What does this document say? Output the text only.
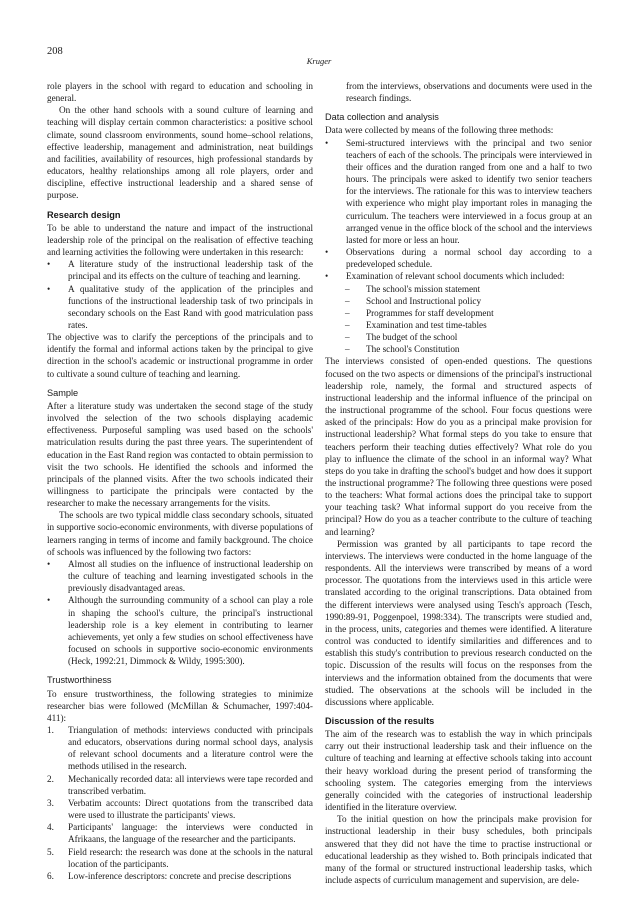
208
Kruger

role players in the school with regard to education and schooling in general.

On the other hand schools with a sound culture of learning and teaching will display certain common characteristics: a positive school climate, sound classroom environments, sound home–school relations, effective leadership, management and administration, neat buildings and facilities, availability of resources, high professional standards by educators, healthy relationships among all role players, order and discipline, effective instructional leadership and a shared sense of purpose.

Research design

To be able to understand the nature and impact of the instructional leadership role of the principal on the realisation of effective teaching and learning activities the following were undertaken in this research:

• A literature study of the instructional leadership task of the principal and its effects on the culture of teaching and learning.
• A qualitative study of the application of the principles and functions of the instructional leadership task of two principals in secondary schools on the East Rand with good matriculation pass rates.

The objective was to clarify the perceptions of the principals and to identify the formal and informal actions taken by the principal to give direction in the school's academic or instructional programme in order to cultivate a sound culture of teaching and learning.

Sample

After a literature study was undertaken the second stage of the study involved the selection of the two schools displaying academic effectiveness. Purposeful sampling was used based on the schools' matriculation results during the past three years. The superintendent of education in the East Rand region was contacted to obtain permission to visit the two schools. He identified the schools and informed the principals of the planned visits. After the two schools indicated their willingness to participate the principals were contacted by the researcher to make the necessary arrangements for the visits.

The schools are two typical middle class secondary schools, situated in supportive socio-economic environments, with diverse populations of learners ranging in terms of income and family background. The choice of schools was influenced by the following two factors:

• Almost all studies on the influence of instructional leadership on the culture of teaching and learning investigated schools in the previously disadvantaged areas.
• Although the surrounding community of a school can play a role in shaping the school's culture, the principal's instructional leadership role is a key element in contributing to learner achievements, yet only a few studies on school effectiveness have focused on schools in supportive socio-economic environments (Heck, 1992:21, Dimmock & Wildy, 1995:300).
Trustworthiness

To ensure trustworthiness, the following strategies to minimize researcher bias were followed (McMillan & Schumacher, 1997:404-411):

1. Triangulation of methods: interviews conducted with principals and educators, observations during normal school days, analysis of relevant school documents and a literature control were the methods utilised in the research.
2. Mechanically recorded data: all interviews were tape recorded and transcribed verbatim.
3. Verbatim accounts: Direct quotations from the transcribed data were used to illustrate the participants' views.
4. Participants' language: the interviews were conducted in Afrikaans, the language of the researcher and the participants.
5. Field research: the research was done at the schools in the natural location of the participants.
6. Low-inference descriptors: concrete and precise descriptions

from the interviews, observations and documents were used in the research findings.

Data collection and analysis

Data were collected by means of the following three methods:

• Semi-structured interviews with the principal and two senior teachers of each of the schools. The principals were interviewed in their offices and the duration ranged from one and a half to two hours. The principals were asked to identify two senior teachers for the interviews. The rationale for this was to interview teachers with experience who might play important roles in managing the curriculum. The teachers were interviewed in a focus group at an arranged venue in the office block of the school and the interviews lasted for more or less an hour.
• Observations during a normal school day according to a predeveloped schedule.
• Examination of relevant school documents which included:
– The school's mission statement
– School and Instructional policy
– Programmes for staff development
– Examination and test time-tables
– The budget of the school
– The school's Constitution

The interviews consisted of open-ended questions. The questions focused on the two aspects or dimensions of the principal's instructional leadership role, namely, the formal and structured aspects of instructional leadership and the informal influence of the principal on the instructional programme of the school. Four focus questions were asked of the principals: How do you as a principal make provision for instructional leadership? What formal steps do you take to ensure that teachers perform their teaching duties effectively? What role do you play to influence the climate of the school in an informal way? What steps do you take in drafting the school's budget and how does it support the instructional programme? The following three questions were posed to the teachers: What formal actions does the principal take to support your teaching task? What informal support do you receive from the principal? How do you as a teacher contribute to the culture of teaching and learning?

Permission was granted by all participants to tape record the interviews. The interviews were conducted in the home language of the respondents. All the interviews were transcribed by means of a word processor. The quotations from the interviews used in this article were translated according to the original transcriptions. Data obtained from the different interviews were analysed using Tesch's approach (Tesch, 1990:89-91, Poggenpoel, 1998:334). The transcripts were studied and, in the process, units, categories and themes were identified. A literature control was conducted to identify similarities and differences and to establish this study's contribution to previous research conducted on the topic. Discussion of the results will focus on the responses from the interviews and the information obtained from the documents that were studied. The observations at the schools will be included in the discussions where applicable.

Discussion of the results

The aim of the research was to establish the way in which principals carry out their instructional leadership task and their influence on the culture of teaching and learning at effective schools taking into account their heavy workload during the present period of transforming the schooling system. The categories emerging from the interviews generally coincided with the categories of instructional leadership identified in the literature overview.

To the initial question on how the principals make provision for instructional leadership in their busy schedules, both principals answered that they did not have the time to practise instructional or educational leadership as they wished to. Both principals indicated that many of the formal or structured instructional leadership tasks, which include aspects of curriculum management and supervision, are dele-
